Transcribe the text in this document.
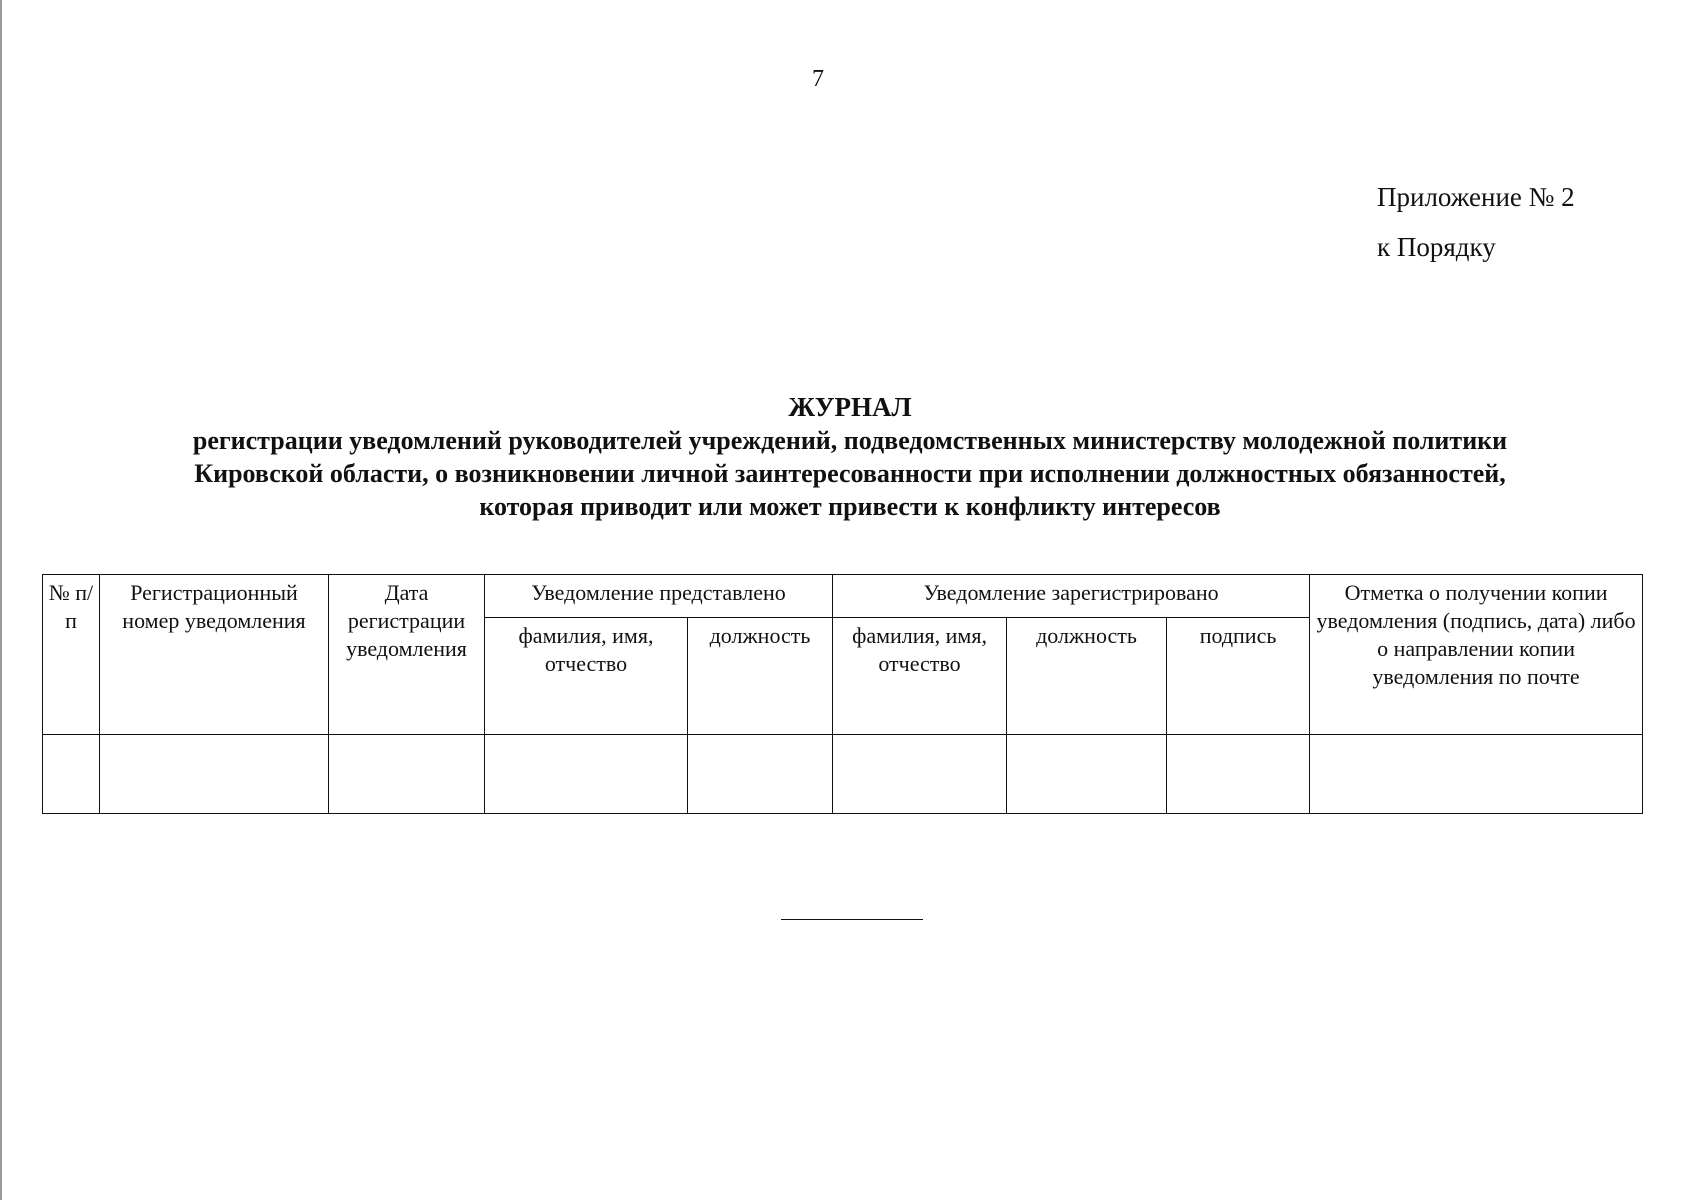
7
Приложение № 2
к Порядку
ЖУРНАЛ
регистрации уведомлений руководителей учреждений, подведомственных министерству молодежной политики Кировской области, о возникновении личной заинтересованности при исполнении должностных обязанностей, которая приводит или может привести к конфликту интересов
№ п/п	Регистрационный номер уведомления	Дата регистрации уведомления	Уведомление представлено		Уведомление зарегистрировано			Отметка о получении копии уведомления (подпись, дата) либо о направлении копии уведомления по почте
			фамилия, имя, отчество	должность	фамилия, имя, отчество	должность	подпись	
